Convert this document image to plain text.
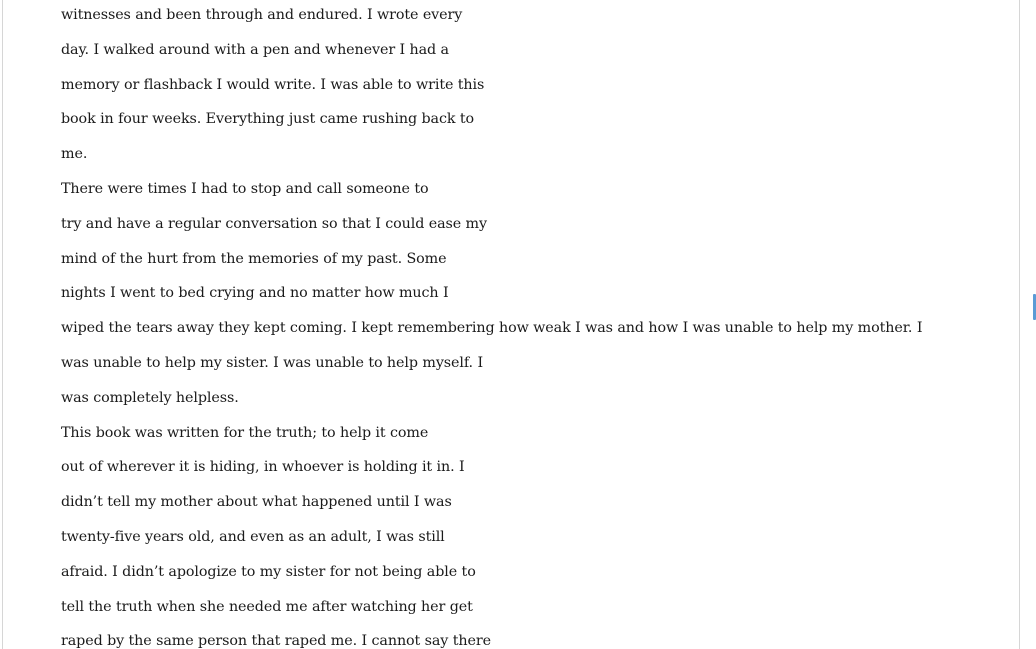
witnesses and been through and endured. I wrote every
day. I walked around with a pen and whenever I had a
memory or flashback I would write. I was able to write this
book in four weeks. Everything just came rushing back to
me.
There were times I had to stop and call someone to
try and have a regular conversation so that I could ease my
mind of the hurt from the memories of my past. Some
nights I went to bed crying and no matter how much I
wiped the tears away they kept coming. I kept remembering how weak I was and how I was unable to help my mother. I
was unable to help my sister. I was unable to help myself. I
was completely helpless.
This book was written for the truth; to help it come
out of wherever it is hiding, in whoever is holding it in. I
didn’t tell my mother about what happened until I was
twenty-five years old, and even as an adult, I was still
afraid. I didn’t apologize to my sister for not being able to
tell the truth when she needed me after watching her get
raped by the same person that raped me. I cannot say there
